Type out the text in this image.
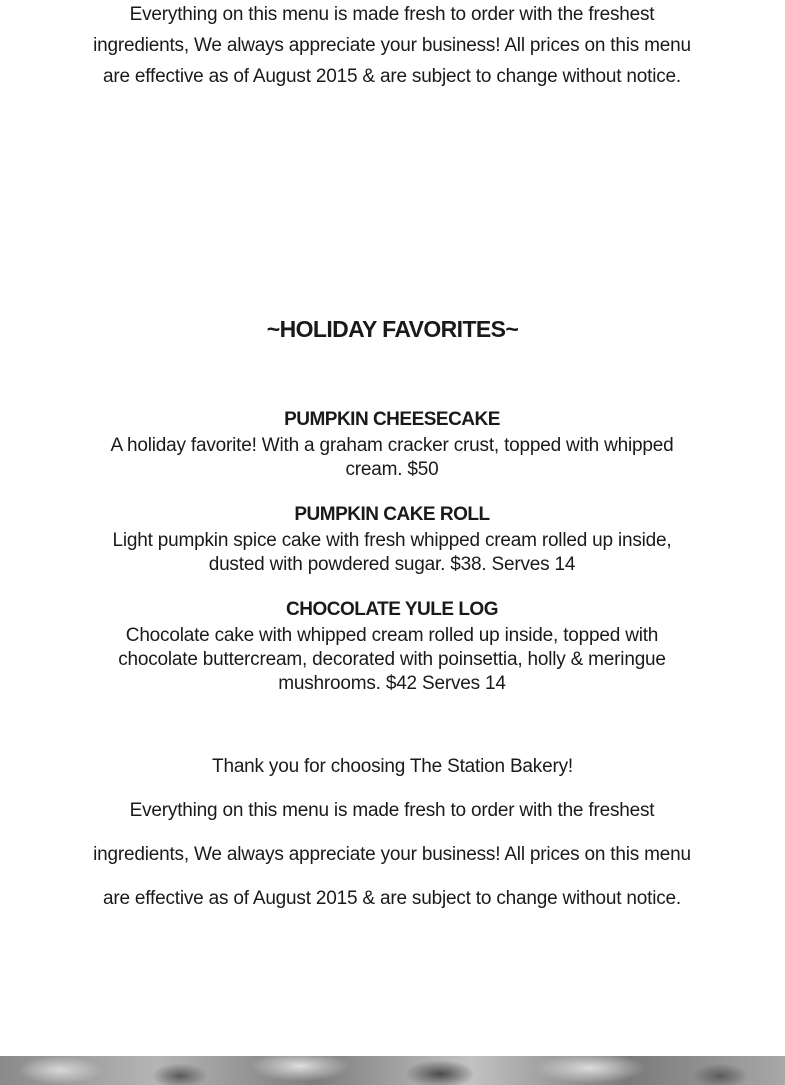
Everything on this menu is made fresh to order with the freshest ingredients, We always appreciate your business! All prices on this menu are effective as of August 2015 & are subject to change without notice.

~HOLIDAY FAVORITES~
PUMPKIN CHEESECAKE
A holiday favorite! With a graham cracker crust, topped with whipped cream. $50
PUMPKIN CAKE ROLL
Light pumpkin spice cake with fresh whipped cream rolled up inside, dusted with powdered sugar. $38. Serves 14
CHOCOLATE YULE LOG
Chocolate cake with whipped cream rolled up inside, topped with chocolate buttercream, decorated with poinsettia, holly & meringue mushrooms. $42 Serves 14

Thank you for choosing The Station Bakery!

Everything on this menu is made fresh to order with the freshest ingredients, We always appreciate your business! All prices on this menu are effective as of August 2015 & are subject to change without notice.
